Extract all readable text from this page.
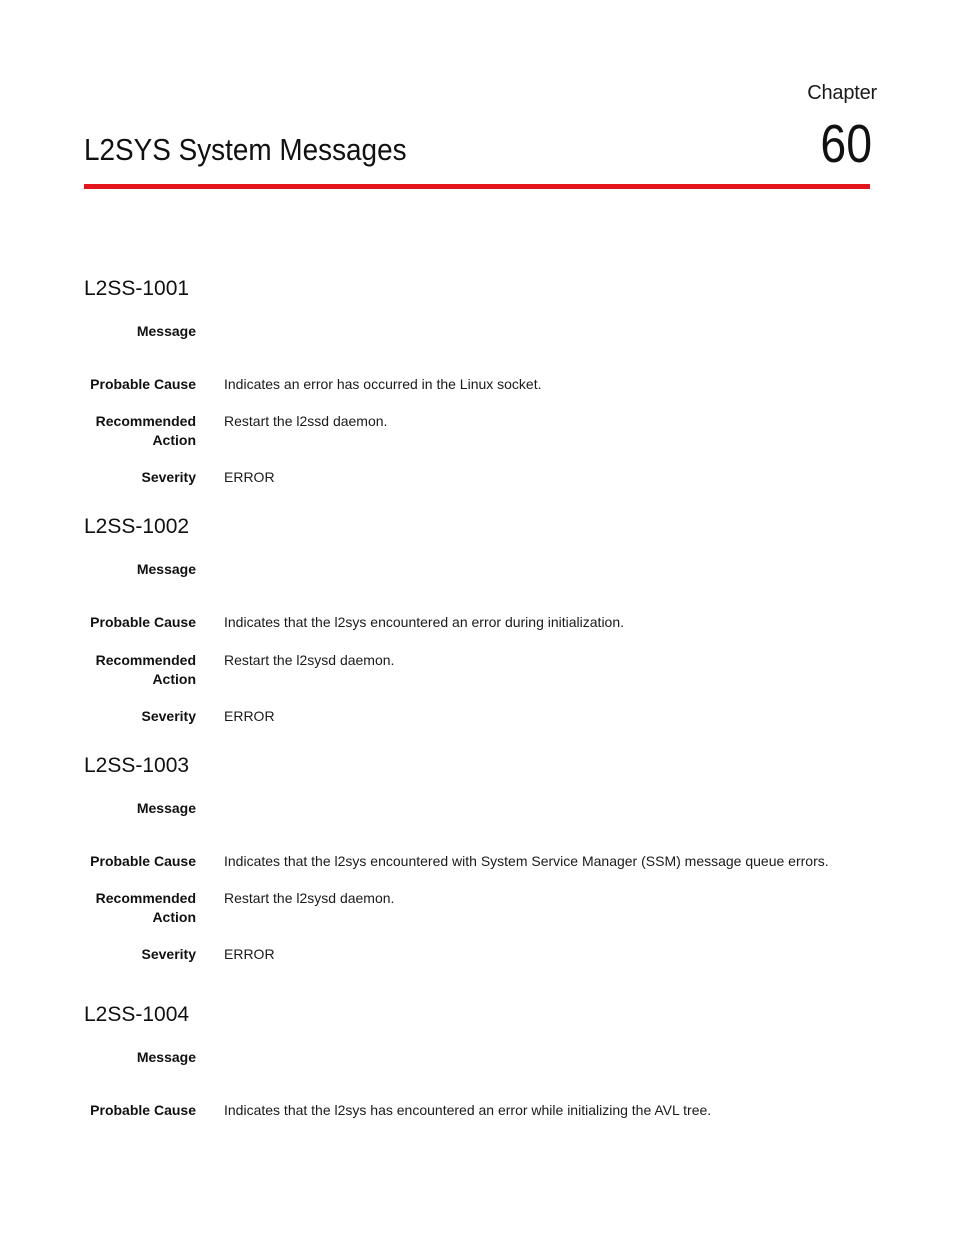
Chapter
60
L2SYS System Messages
L2SS-1001
Message
Probable Cause Indicates an error has occurred in the Linux socket.
Recommended Action
Restart the l2ssd daemon.
Severity ERROR
L2SS-1002
Message
Probable Cause Indicates that the l2sys encountered an error during initialization.
Recommended Action
Restart the l2sysd daemon.
Severity ERROR
L2SS-1003
Message
Probable Cause Indicates that the l2sys encountered with System Service Manager (SSM) message queue errors.
Recommended Action
Restart the l2sysd daemon.
Severity ERROR
L2SS-1004
Message
Probable Cause Indicates that the l2sys has encountered an error while initializing the AVL tree.
